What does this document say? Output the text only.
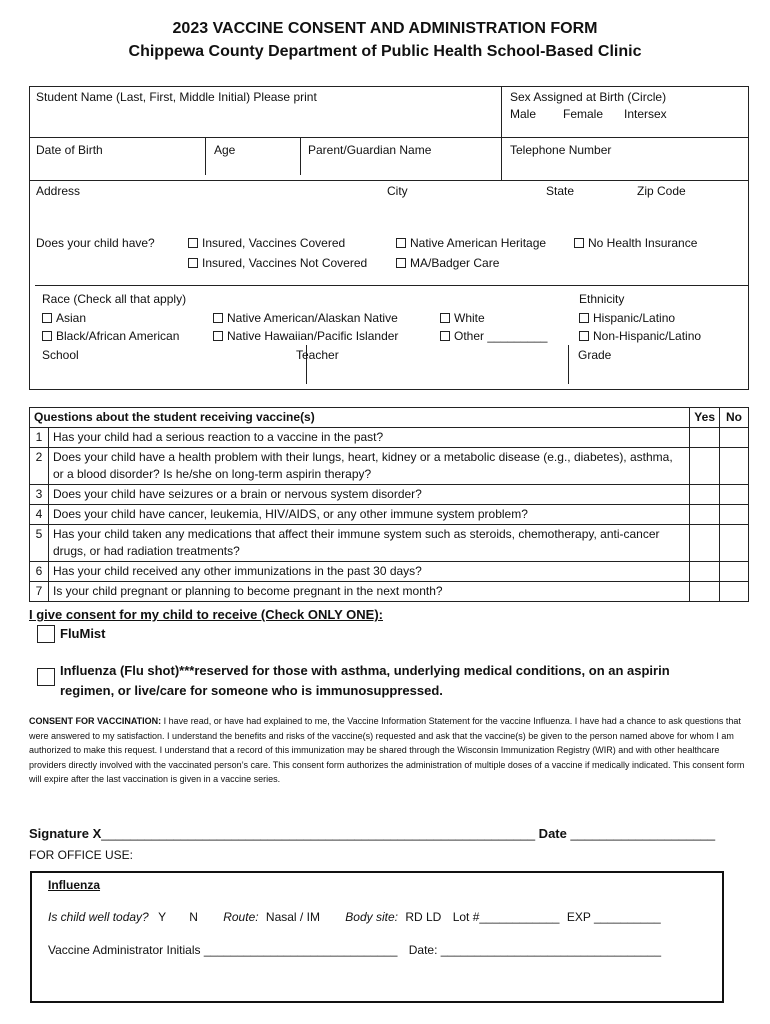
2023 VACCINE CONSENT AND ADMINISTRATION FORM
Chippewa County Department of Public Health School-Based Clinic
Student Name (Last, First, Middle Initial) Please print	Sex Assigned at Birth (Circle)
Male Female Intersex
Date of Birth	Age	Parent/Guardian Name	Telephone Number
Address	City	State	Zip Code
Does your child have?	Insured, Vaccines Covered
Insured, Vaccines Not Covered
Native American Heritage
MA/Badger Care
No Health Insurance
Race (Check all that apply)
Asian
Black/African American
Native American/Alaskan Native
Native Hawaiian/Pacific Islander
White
Other _________
Ethnicity
Hispanic/Latino
Non-Hispanic/Latino
School	Teacher	Grade
Questions about the student receiving vaccine(s)		Yes	No
1	Has your child had a serious reaction to a vaccine in the past?		
2	Does your child have a health problem with their lungs, heart, kidney or a metabolic disease (e.g., diabetes), asthma, or a blood disorder? Is he/she on long-term aspirin therapy?		
3	Does your child have seizures or a brain or nervous system disorder?		
4	Does your child have cancer, leukemia, HIV/AIDS, or any other immune system problem?		
5	Has your child taken any medications that affect their immune system such as steroids, chemotherapy, anti-cancer drugs, or had radiation treatments?		
6	Has your child received any other immunizations in the past 30 days?		
7	Is your child pregnant or planning to become pregnant in the next month?		
I give consent for my child to receive (Check ONLY ONE):
FluMist
Influenza (Flu shot)***reserved for those with asthma, underlying medical conditions, on an aspirin
regimen, or live/care for someone who is immunosuppressed.
CONSENT FOR VACCINATION: I have read, or have had explained to me, the Vaccine Information Statement for the vaccine Influenza. I have had a chance to ask questions that were answered to my satisfaction. I understand the benefits and risks of the vaccine(s) requested and ask that the vaccine(s) be given to the person named above for whom I am authorized to make this request. I understand that a record of this immunization may be shared through the Wisconsin Immunization Registry (WIR) and with other healthcare providers directly involved with the vaccinated person’s care. This consent form authorizes the administration of multiple doses of a vaccine if medically indicated. This consent form will expire after the last vaccination is given in a vaccine series.
Signature X____________________________________________________________ Date ____________________
FOR OFFICE USE:
Influenza
Is child well today? Y N Route: Nasal / IM Body site: RD LD Lot #____________ EXP __________
Vaccine Administrator Initials _____________________________ Date: _________________________________
